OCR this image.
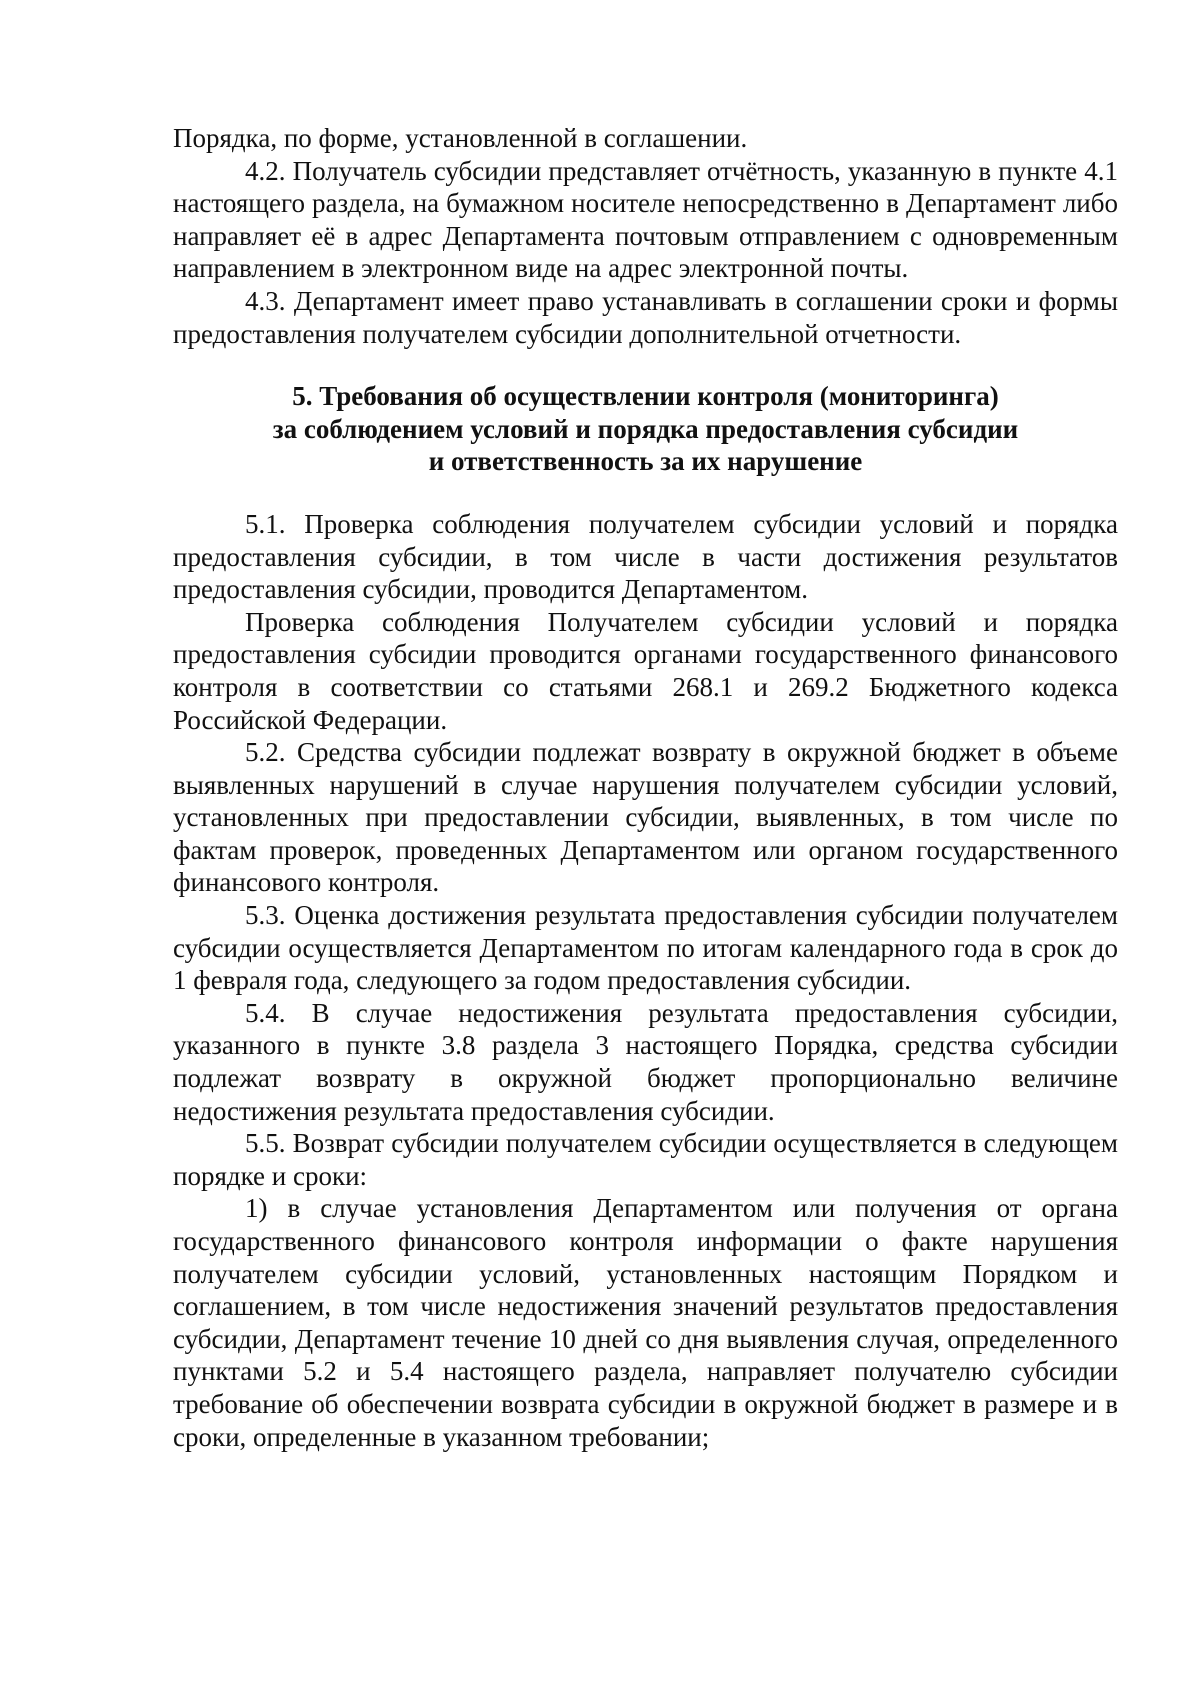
Порядка, по форме, установленной в соглашении.

4.2. Получатель субсидии представляет отчётность, указанную в пункте 4.1 настоящего раздела, на бумажном носителе непосредственно в Департамент либо направляет её в адрес Департамента почтовым отправлением с одновременным направлением в электронном виде на адрес электронной почты.

4.3. Департамент имеет право устанавливать в соглашении сроки и формы предоставления получателем субсидии дополнительной отчетности.

5. Требования об осуществлении контроля (мониторинга)
за соблюдением условий и порядка предоставления субсидии
и ответственность за их нарушение

5.1. Проверка соблюдения получателем субсидии условий и порядка предоставления субсидии, в том числе в части достижения результатов предоставления субсидии, проводится Департаментом.

Проверка соблюдения Получателем субсидии условий и порядка предоставления субсидии проводится органами государственного финансового контроля в соответствии со статьями 268.1 и 269.2 Бюджетного кодекса Российской Федерации.

5.2. Средства субсидии подлежат возврату в окружной бюджет в объеме выявленных нарушений в случае нарушения получателем субсидии условий, установленных при предоставлении субсидии, выявленных, в том числе по фактам проверок, проведенных Департаментом или органом государственного финансового контроля.

5.3. Оценка достижения результата предоставления субсидии получателем субсидии осуществляется Департаментом по итогам календарного года в срок до 1 февраля года, следующего за годом предоставления субсидии.

5.4. В случае недостижения результата предоставления субсидии, указанного в пункте 3.8 раздела 3 настоящего Порядка, средства субсидии подлежат возврату в окружной бюджет пропорционально величине недостижения результата предоставления субсидии.

5.5. Возврат субсидии получателем субсидии осуществляется в следующем порядке и сроки:

1) в случае установления Департаментом или получения от органа государственного финансового контроля информации о факте нарушения получателем субсидии условий, установленных настоящим Порядком и соглашением, в том числе недостижения значений результатов предоставления субсидии, Департамент течение 10 дней со дня выявления случая, определенного пунктами 5.2 и 5.4 настоящего раздела, направляет получателю субсидии требование об обеспечении возврата субсидии в окружной бюджет в размере и в сроки, определенные в указанном требовании;
